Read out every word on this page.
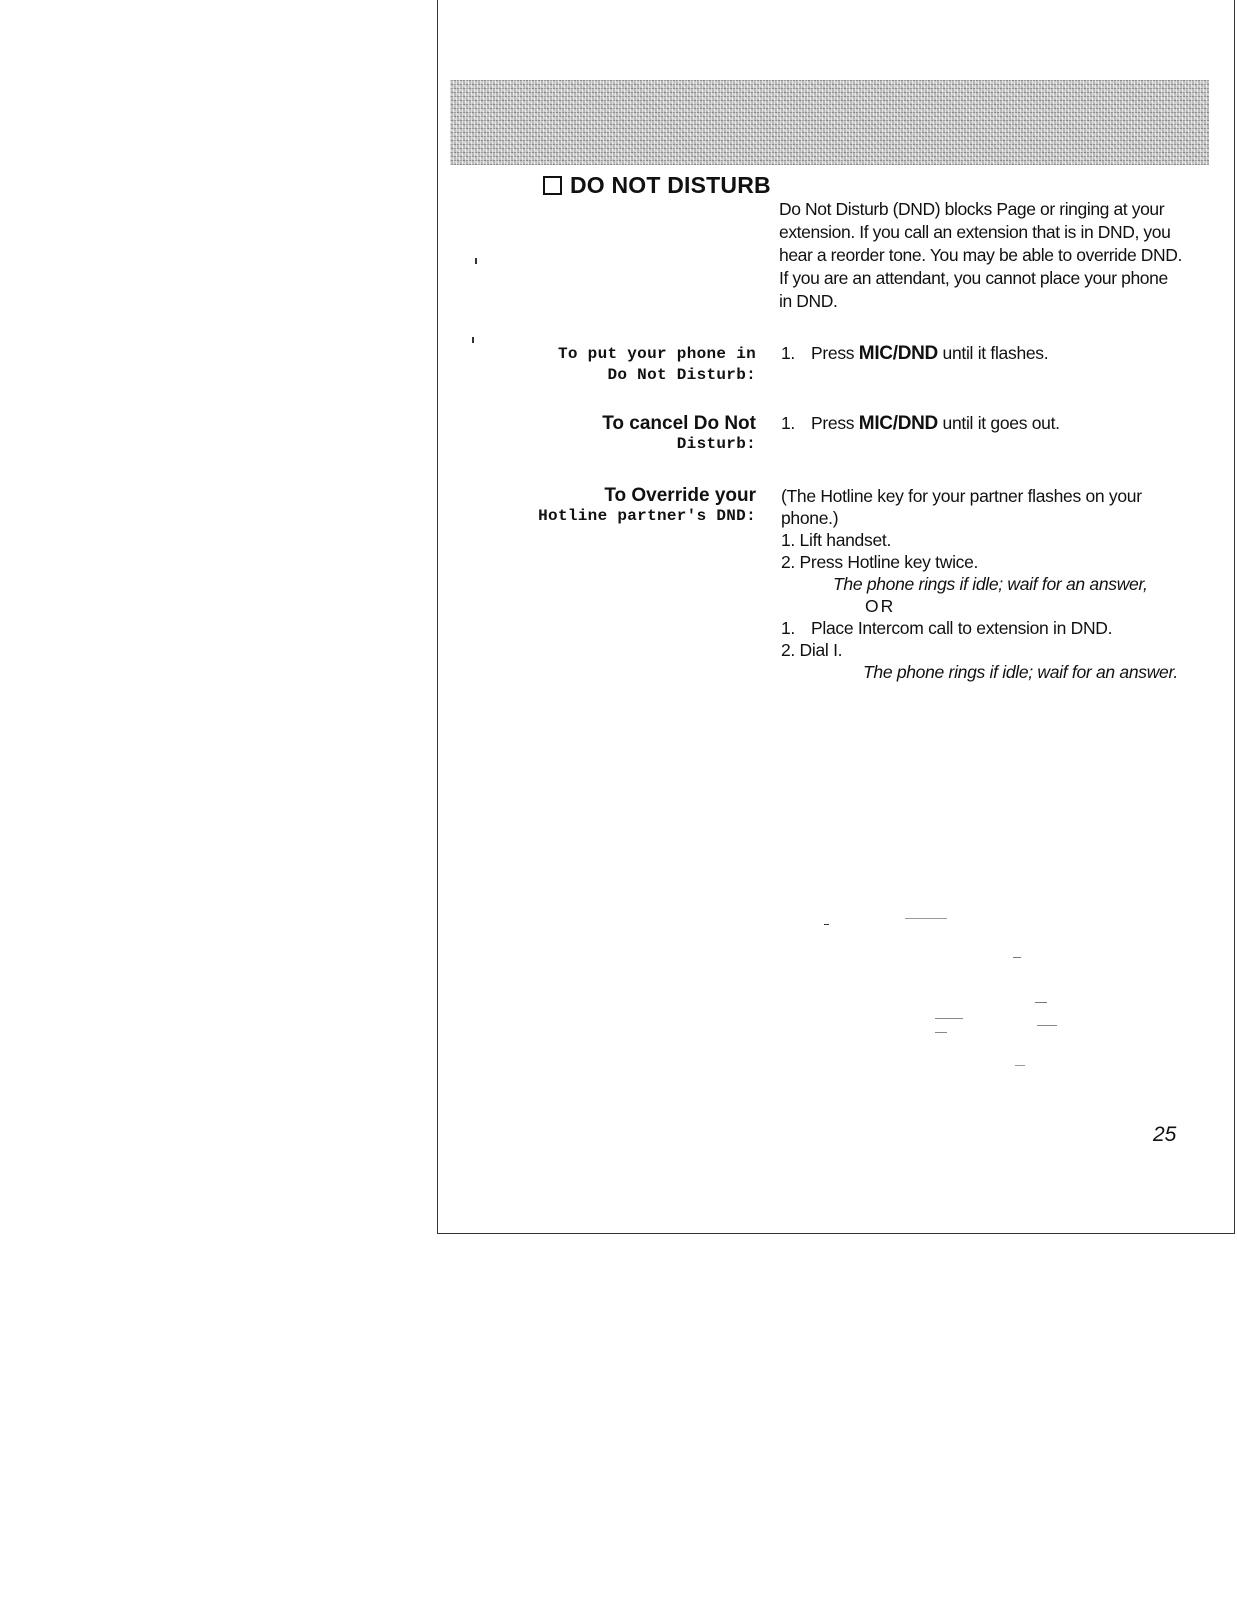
DO NOT DISTURB
Do Not Disturb (DND) blocks Page or ringing at your extension. If you call an extension that is in DND, you hear a reorder tone. You may be able to override DND. If you are an attendant, you cannot place your phone in DND.
To put your phone in
Do Not Disturb:
1. Press MIC/DND until it flashes.
To cancel Do Not
Disturb:
1. Press MIC/DND until it goes out.
To Override your
Hotline partner's DND:
(The Hotline key for your partner flashes on your
phone.)
1. Lift handset.
2. Press Hotline key twice.
The phone rings if idle; waif for an answer,
OR
1. Place Intercom call to extension in DND.
2. Dial I.
The phone rings if idle; waif for an answer.
25
